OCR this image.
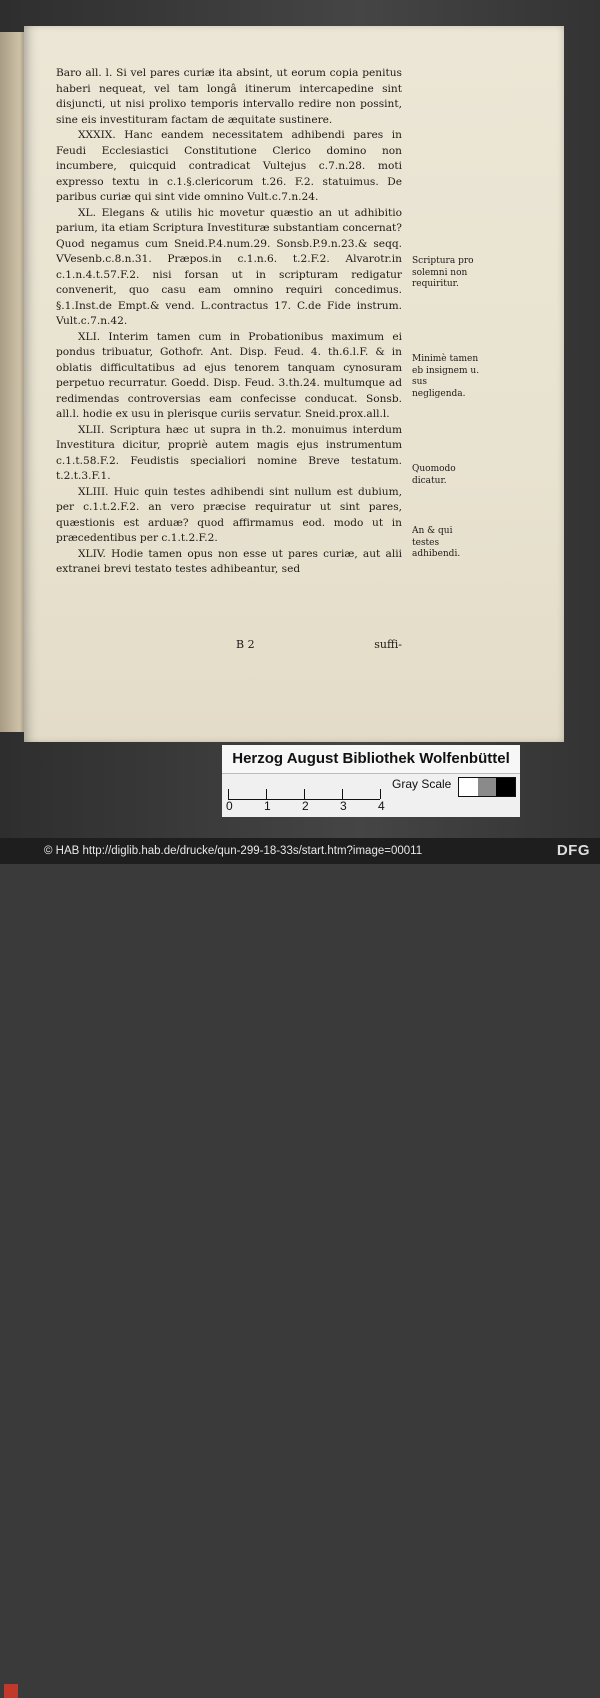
Baro all. l. Si vel pares curiæ ita absint, ut eorum copia penitus haberi nequeat, vel tam longâ itinerum intercapedine sint disjuncti, ut nisi prolixo temporis intervallo redire non possint, sine eis investituram factam de æquitate sustinere.

XXXIX. Hanc eandem necessitatem adhibendi pares in Feudi Ecclesiastici Constitutione Clerico domino non incumbere, quicquid contradicat Vultejus c.7.n.28. moti expresso textu in c.1.§.clericorum t.26. F.2. statuimus. De paribus curiæ qui sint vide omnino Vult.c.7.n.24.

XL. Elegans & utilis hic movetur quæstio an ut adhibitio parium, ita etiam Scriptura Investituræ substantiam concernat? Quod negamus cum Sneid.P.4.num.29. Sonsb.P.9.n.23.& seqq. VVesenb.c.8.n.31. Præpos.in c.1.n.6. t.2.F.2. Alvarotr.in c.1.n.4.t.57.F.2. nisi forsan ut in scripturam redigatur convenerit, quo casu eam omnino requiri concedimus. §.1.Inst.de Empt.& vend. L.contractus 17. C.de Fide instrum. Vult.c.7.n.42.

XLI. Interim tamen cum in Probationibus maximum ei pondus tribuatur, Gothofr. Ant. Disp. Feud. 4. th.6.l.F. & in oblatis difficultatibus ad ejus tenorem tanquam cynosuram perpetuo recurratur. Goedd. Disp. Feud. 3.th.24. multumque ad redimendas controversias eam confecisse conducat. Sonsb. all.l. hodie ex usu in plerisque curiis servatur. Sneid.prox.all.l.

XLII. Scriptura hæc ut supra in th.2. monuimus interdum Investitura dicitur, propriè autem magis ejus instrumentum c.1.t.58.F.2. Feudistis specialiori nomine Breve testatum. t.2.t.3.F.1.

XLIII. Huic quin testes adhibendi sint nullum est dubium, per c.1.t.2.F.2. an vero præcise requiratur ut sint pares, quæstionis est arduæ? quod affirmamus eod. modo ut in præcedentibus per c.1.t.2.F.2.

XLIV. Hodie tamen opus non esse ut pares curiæ, aut alii extranei brevi testato testes adhibeantur, sed

B 2	suffi-
Scriptura pro solemni non requiritur.
Minimè tamen eb insignem u. sus negligenda.
Quomodo dicatur.
An & qui testes adhibendi.
Herzog August Bibliothek Wolfenbüttel
0	1	2	3	4
Gray Scale
© HAB http://diglib.hab.de/drucke/qun-299-18-33s/start.htm?image=00011	DFG
